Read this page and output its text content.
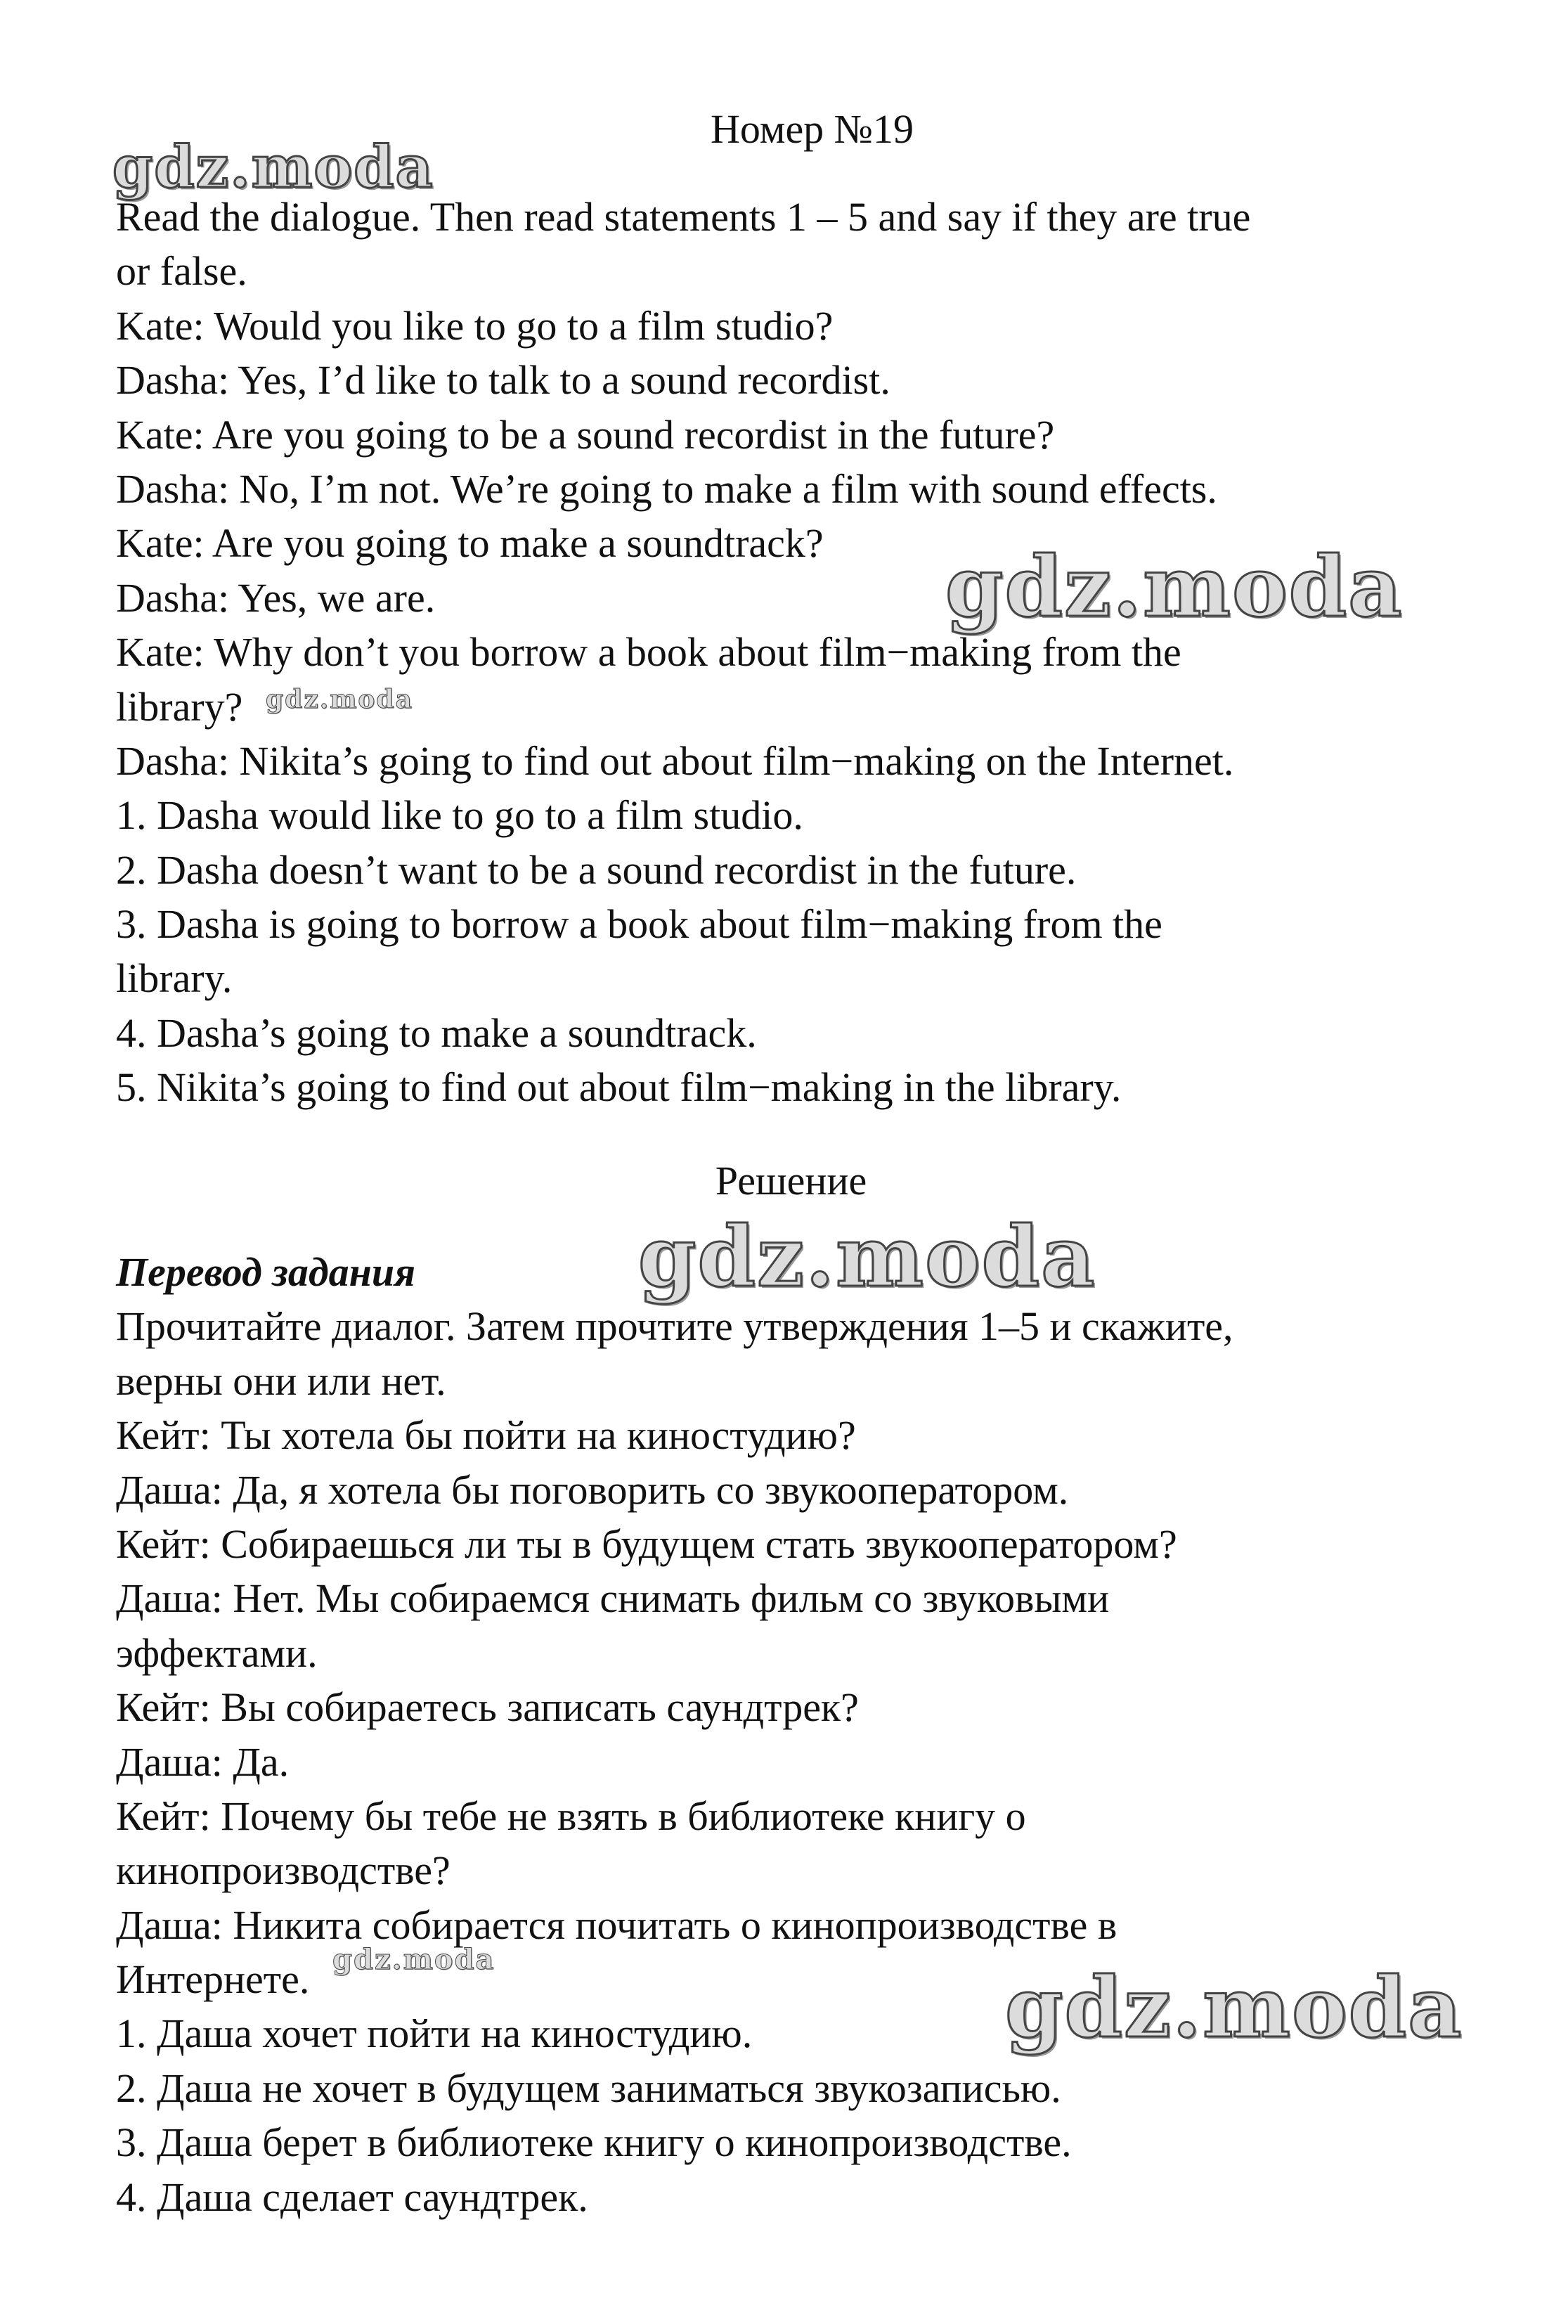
Номер №19
Read the dialogue. Then read statements 1 – 5 and say if they are true
or false.
Kate: Would you like to go to a film studio?
Dasha: Yes, I’d like to talk to a sound recordist.
Kate: Are you going to be a sound recordist in the future?
Dasha: No, I’m not. We’re going to make a film with sound effects.
Kate: Are you going to make a soundtrack?
Dasha: Yes, we are.
Kate: Why don’t you borrow a book about film−making from the
library?
Dasha: Nikita’s going to find out about film−making on the Internet.
1. Dasha would like to go to a film studio.
2. Dasha doesn’t want to be a sound recordist in the future.
3. Dasha is going to borrow a book about film−making from the
library.
4. Dasha’s going to make a soundtrack.
5. Nikita’s going to find out about film−making in the library.
Решение
Перевод задания
Прочитайте диалог. Затем прочтите утверждения 1–5 и скажите,
верны они или нет.
Кейт: Ты хотела бы пойти на киностудию?
Даша: Да, я хотела бы поговорить со звукооператором.
Кейт: Собираешься ли ты в будущем стать звукооператором?
Даша: Нет. Мы собираемся снимать фильм со звуковыми
эффектами.
Кейт: Вы собираетесь записать саундтрек?
Даша: Да.
Кейт: Почему бы тебе не взять в библиотеке книгу о
кинопроизводстве?
Даша: Никита собирается почитать о кинопроизводстве в
Интернете.
1. Даша хочет пойти на киностудию.
2. Даша не хочет в будущем заниматься звукозаписью.
3. Даша берет в библиотеке книгу о кинопроизводстве.
4. Даша сделает саундтрек.
gdz.moda
gdz.moda
gdz.moda
gdz.moda
gdz.moda	gdz.moda
